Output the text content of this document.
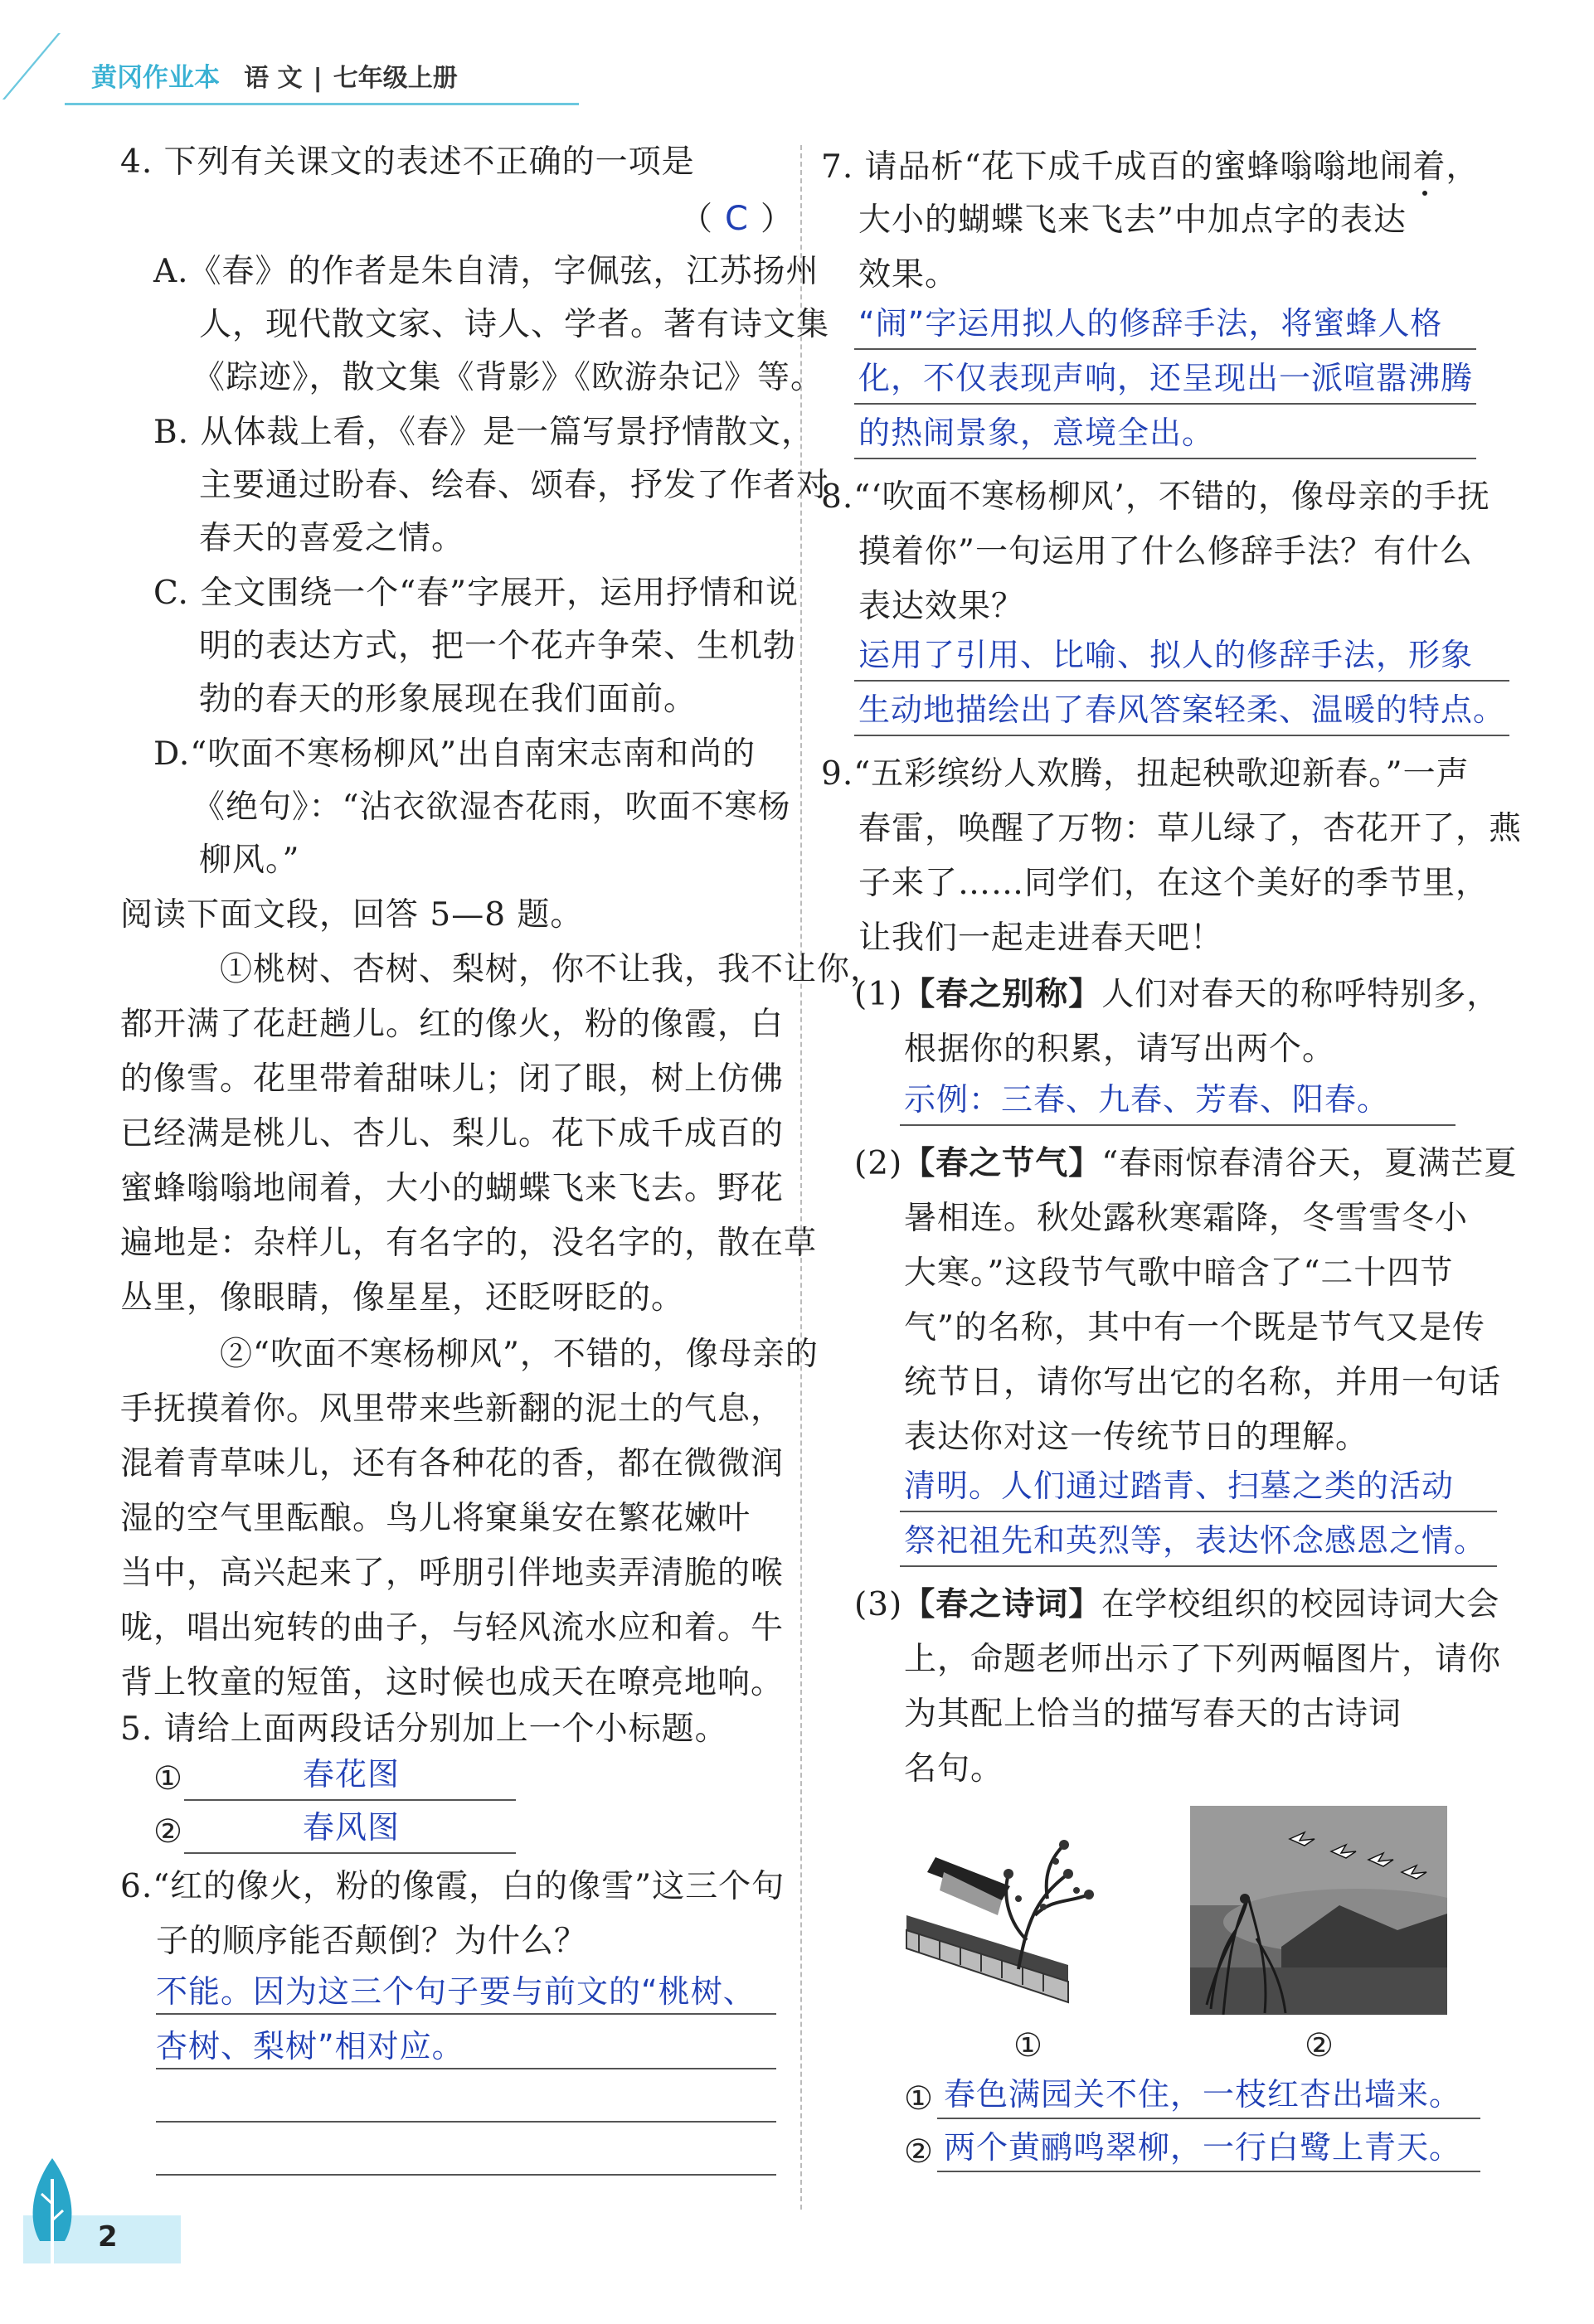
黄冈作业本 语 文 | 七年级上册
4. 下列有关课文的表述不正确的一项是
（ C ）
A.《春》的作者是朱自清，字佩弦，江苏扬州
人，现代散文家、诗人、学者。著有诗文集
《踪迹》，散文集《背影》《欧游杂记》等。
B. 从体裁上看，《春》是一篇写景抒情散文，
主要通过盼春、绘春、颂春，抒发了作者对
春天的喜爱之情。
C. 全文围绕一个“春”字展开，运用抒情和说
明的表达方式，把一个花卉争荣、生机勃
勃的春天的形象展现在我们面前。
D.“吹面不寒杨柳风”出自南宋志南和尚的
《绝句》：“沾衣欲湿杏花雨，吹面不寒杨
柳风。”
阅读下面文段，回答 5—8 题。
①桃树、杏树、梨树，你不让我，我不让你，
都开满了花赶趟儿。红的像火，粉的像霞，白
的像雪。花里带着甜味儿；闭了眼，树上仿佛
已经满是桃儿、杏儿、梨儿。花下成千成百的
蜜蜂嗡嗡地闹着，大小的蝴蝶飞来飞去。野花
遍地是：杂样儿，有名字的，没名字的，散在草
丛里，像眼睛，像星星，还眨呀眨的。
②“吹面不寒杨柳风”，不错的，像母亲的
手抚摸着你。风里带来些新翻的泥土的气息，
混着青草味儿，还有各种花的香，都在微微润
湿的空气里酝酿。鸟儿将窠巢安在繁花嫩叶
当中，高兴起来了，呼朋引伴地卖弄清脆的喉
咙，唱出宛转的曲子，与轻风流水应和着。牛
背上牧童的短笛，这时候也成天在嘹亮地响。
5. 请给上面两段话分别加上一个小标题。
①	春花图
②	春风图
6.“红的像火，粉的像霞，白的像雪”这三个句
子的顺序能否颠倒？为什么？
不能。因为这三个句子要与前文的“桃树、
杏树、梨树”相对应。
7. 请品析“花下成千成百的蜜蜂嗡嗡地闹着，
大小的蝴蝶飞来飞去”中加点字的表达
效果。
“闹”字运用拟人的修辞手法，将蜜蜂人格
化，不仅表现声响，还呈现出一派喧嚣沸腾
的热闹景象，意境全出。
8.“‘吹面不寒杨柳风’，不错的，像母亲的手抚
摸着你”一句运用了什么修辞手法？有什么
表达效果？
运用了引用、比喻、拟人的修辞手法，形象
生动地描绘出了春风答案轻柔、温暖的特点。
9.“五彩缤纷人欢腾，扭起秧歌迎新春。”一声
春雷，唤醒了万物：草儿绿了，杏花开了，燕
子来了……同学们，在这个美好的季节里，
让我们一起走进春天吧！
(1)【春之别称】人们对春天的称呼特别多，
根据你的积累，请写出两个。
示例：三春、九春、芳春、阳春。
(2)【春之节气】“春雨惊春清谷天，夏满芒夏
暑相连。秋处露秋寒霜降，冬雪雪冬小
大寒。”这段节气歌中暗含了“二十四节
气”的名称，其中有一个既是节气又是传
统节日，请你写出它的名称，并用一句话
表达你对这一传统节日的理解。
清明。人们通过踏青、扫墓之类的活动
祭祀祖先和英烈等，表达怀念感恩之情。
(3)【春之诗词】在学校组织的校园诗词大会
上，命题老师出示了下列两幅图片，请你
为其配上恰当的描写春天的古诗词
名句。
①	②
① 春色满园关不住，一枝红杏出墙来。
② 两个黄鹂鸣翠柳，一行白鹭上青天。
2
